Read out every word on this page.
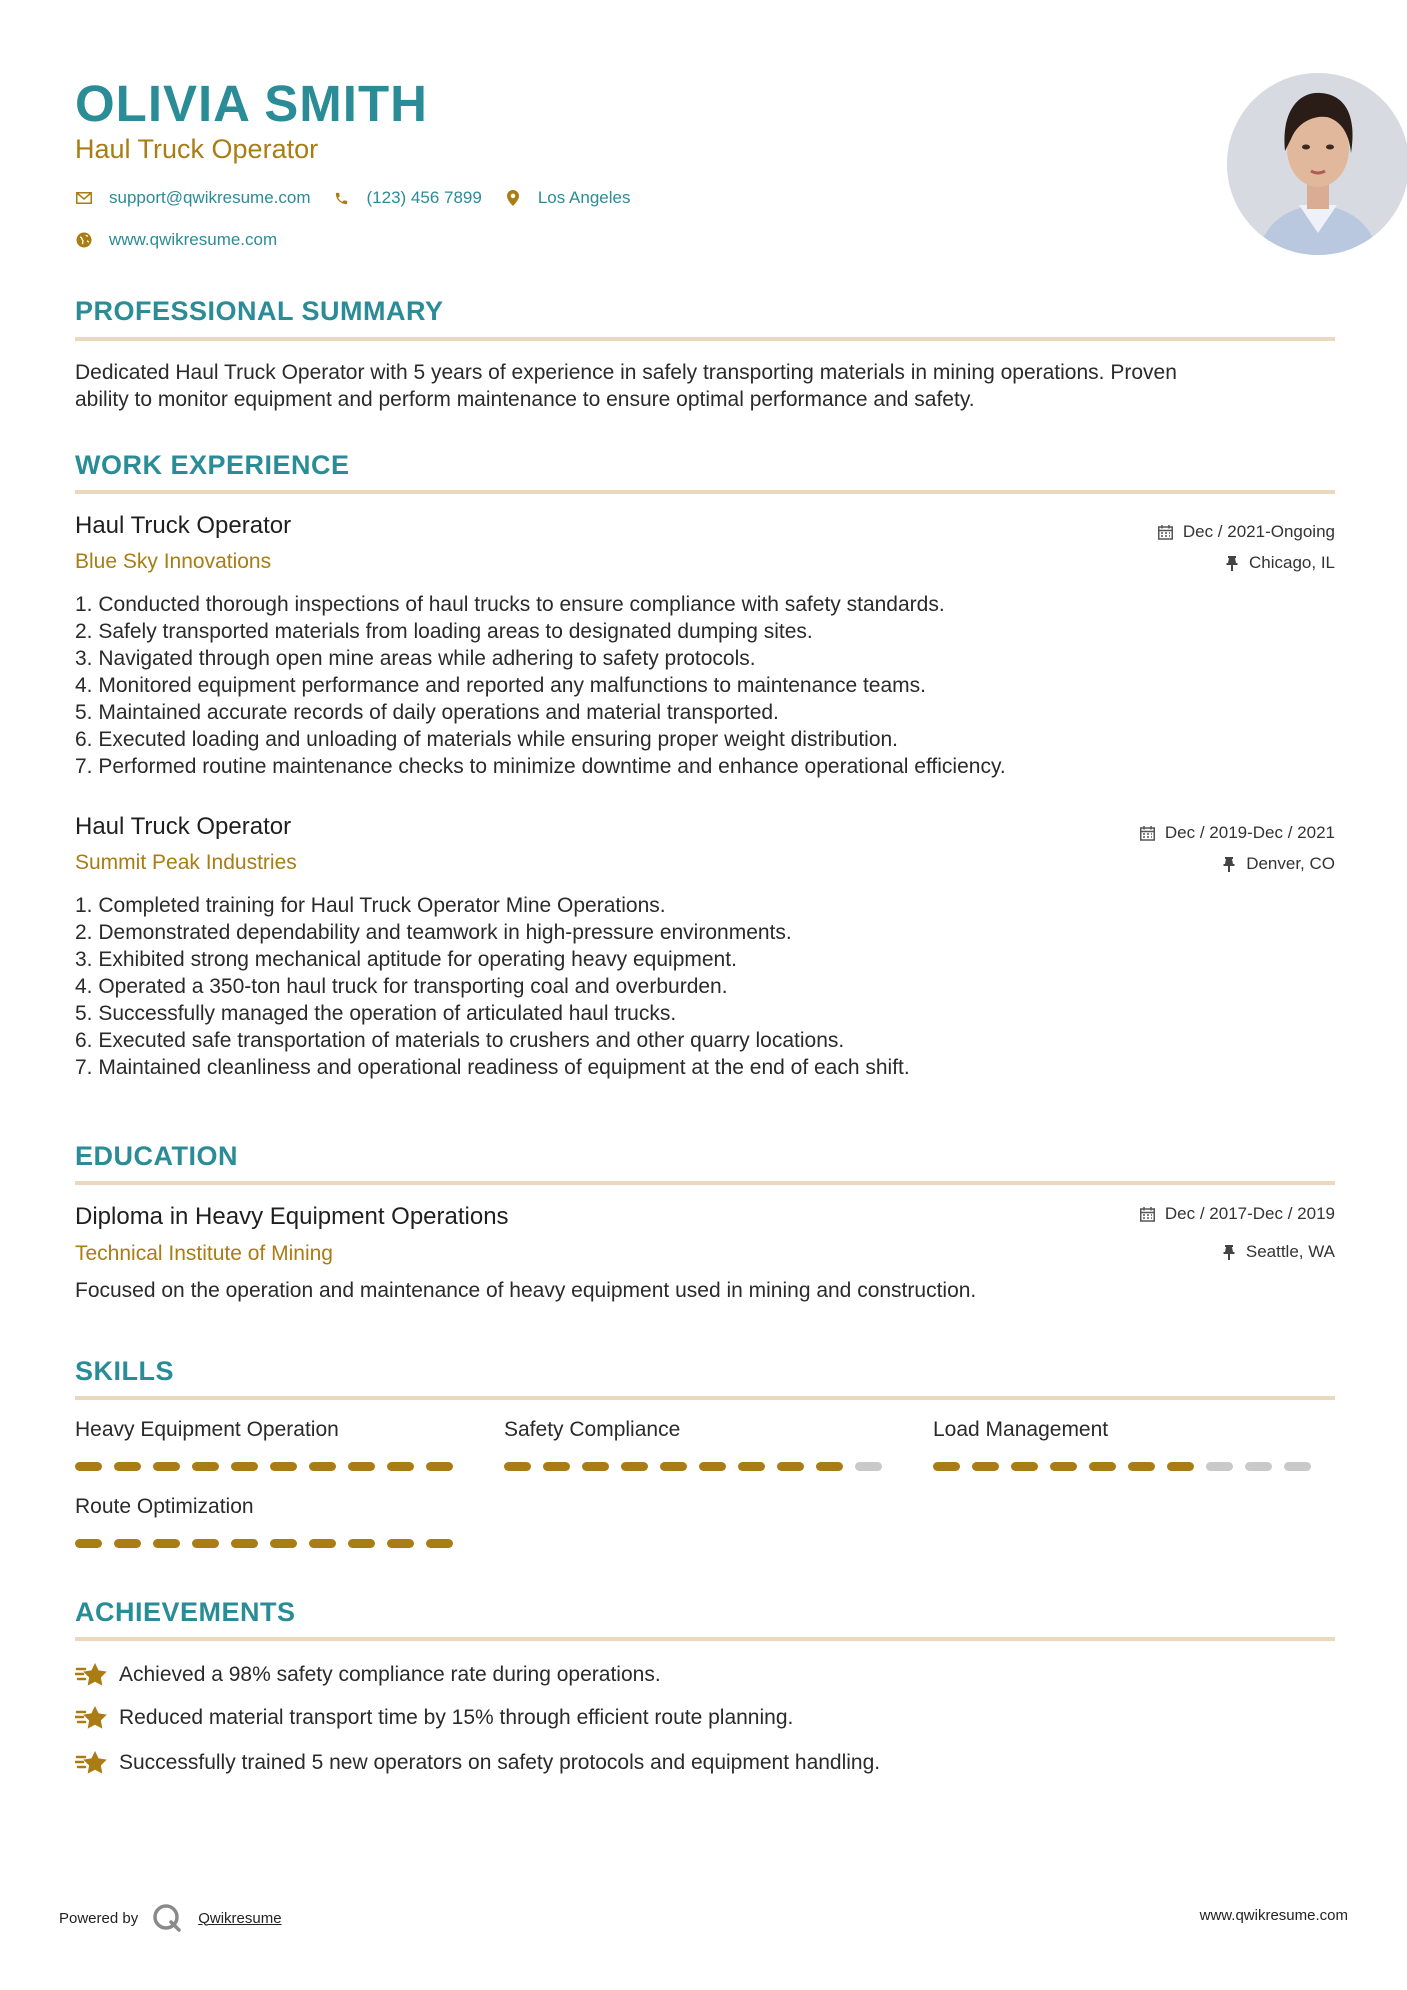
OLIVIA SMITH
Haul Truck Operator
support@qwikresume.com	(123) 456 7899	Los Angeles
www.qwikresume.com
PROFESSIONAL SUMMARY

Dedicated Haul Truck Operator with 5 years of experience in safely transporting materials in mining operations. Proven
ability to monitor equipment and perform maintenance to ensure optimal performance and safety.

WORK EXPERIENCE
Haul Truck Operator
Blue Sky Innovations
Dec / 2021-Ongoing
Chicago, IL
1. Conducted thorough inspections of haul trucks to ensure compliance with safety standards.
2. Safely transported materials from loading areas to designated dumping sites.
3. Navigated through open mine areas while adhering to safety protocols.
4. Monitored equipment performance and reported any malfunctions to maintenance teams.
5. Maintained accurate records of daily operations and material transported.
6. Executed loading and unloading of materials while ensuring proper weight distribution.
7. Performed routine maintenance checks to minimize downtime and enhance operational efficiency.
Haul Truck Operator
Summit Peak Industries
Dec / 2019-Dec / 2021
Denver, CO
1. Completed training for Haul Truck Operator Mine Operations.
2. Demonstrated dependability and teamwork in high-pressure environments.
3. Exhibited strong mechanical aptitude for operating heavy equipment.
4. Operated a 350-ton haul truck for transporting coal and overburden.
5. Successfully managed the operation of articulated haul trucks.
6. Executed safe transportation of materials to crushers and other quarry locations.
7. Maintained cleanliness and operational readiness of equipment at the end of each shift.
EDUCATION
Diploma in Heavy Equipment Operations
Technical Institute of Mining
Dec / 2017-Dec / 2019
Seattle, WA

Focused on the operation and maintenance of heavy equipment used in mining and construction.

SKILLS

Heavy Equipment Operation	Safety Compliance	Load Management

Route Optimization

ACHIEVEMENTS
Achieved a 98% safety compliance rate during operations.
Reduced material transport time by 15% through efficient route planning.
Successfully trained 5 new operators on safety protocols and equipment handling.
Powered by	Qwikresume	www.qwikresume.com
